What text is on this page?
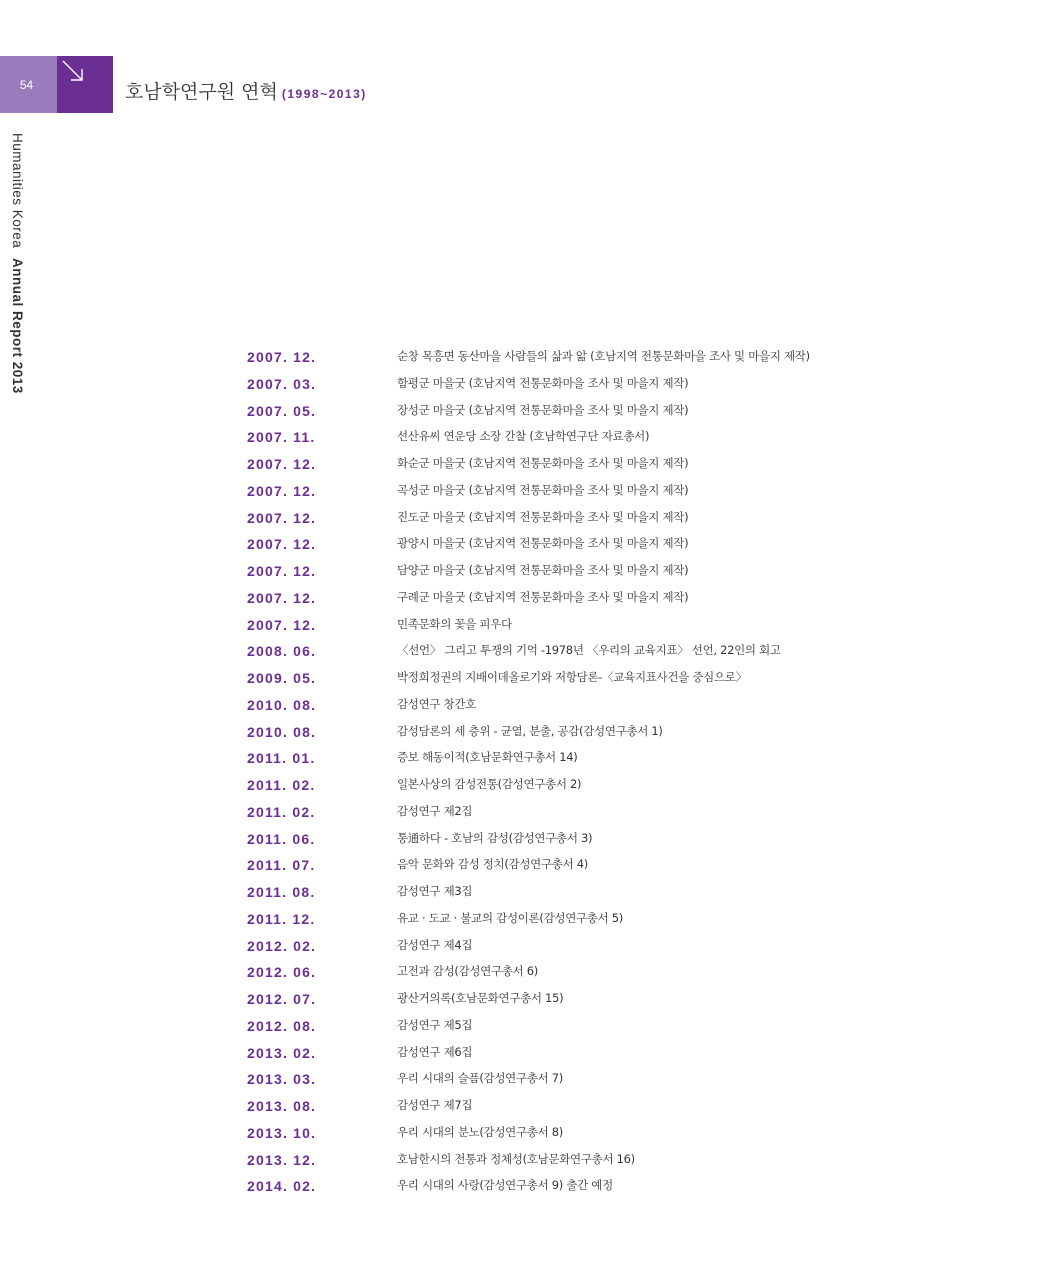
54	호남학연구원 연혁 (1998~2013)
Humanities Korea Annual Report 2013	2007. 12.	순창 목흥면 동산마을 사람들의 삶과 앎 (호남지역 전통문화마을 조사 및 마을지 제작)
2007. 03.	함평군 마을굿 (호남지역 전통문화마을 조사 및 마을지 제작)
2007. 05.	장성군 마을굿 (호남지역 전통문화마을 조사 및 마을지 제작)
2007. 11.	선산유씨 연운당 소장 간찰 (호남학연구단 자료총서)
2007. 12.	화순군 마을굿 (호남지역 전통문화마을 조사 및 마을지 제작)
2007. 12.	곡성군 마을굿 (호남지역 전통문화마을 조사 및 마을지 제작)
2007. 12.	진도군 마을굿 (호남지역 전통문화마을 조사 및 마을지 제작)
2007. 12.	광양시 마을굿 (호남지역 전통문화마을 조사 및 마을지 제작)
2007. 12.	담양군 마을굿 (호남지역 전통문화마을 조사 및 마을지 제작)
2007. 12.	구례군 마을굿 (호남지역 전통문화마을 조사 및 마을지 제작)
2007. 12.	민족문화의 꽃을 피우다
2008. 06.	〈선언〉 그리고 투쟁의 기억 -1978년 〈우리의 교육지표〉 선언, 22인의 회고
2009. 05.	박정희정권의 지배이데올로기와 저항담론-〈교육지표사건을 중심으로〉
2010. 08.	감성연구 창간호
2010. 08.	감성담론의 세 층위 - 균열, 분출, 공감(감성연구총서 1)
2011. 01.	증보 해동이적(호남문화연구총서 14)
2011. 02.	일본사상의 감성전통(감성연구총서 2)
2011. 02.	감성연구 제2집
2011. 06.	통通하다 - 호남의 감성(감성연구총서 3)
2011. 07.	음악 문화와 감성 정치(감성연구총서 4)
2011. 08.	감성연구 제3집
2011. 12.	유교 · 도교 · 불교의 감성이론(감성연구총서 5)
2012. 02.	감성연구 제4집
2012. 06.	고전과 감성(감성연구총서 6)
2012. 07.	광산거의록(호남문화연구총서 15)
2012. 08.	감성연구 제5집
2013. 02.	감성연구 제6집
2013. 03.	우리 시대의 슬픔(감성연구총서 7)
2013. 08.	감성연구 제7집
2013. 10.	우리 시대의 분노(감성연구총서 8)
2013. 12.	호남한시의 전통과 정체성(호남문화연구총서 16)
2014. 02.	우리 시대의 사랑(감성연구총서 9) 출간 예정
